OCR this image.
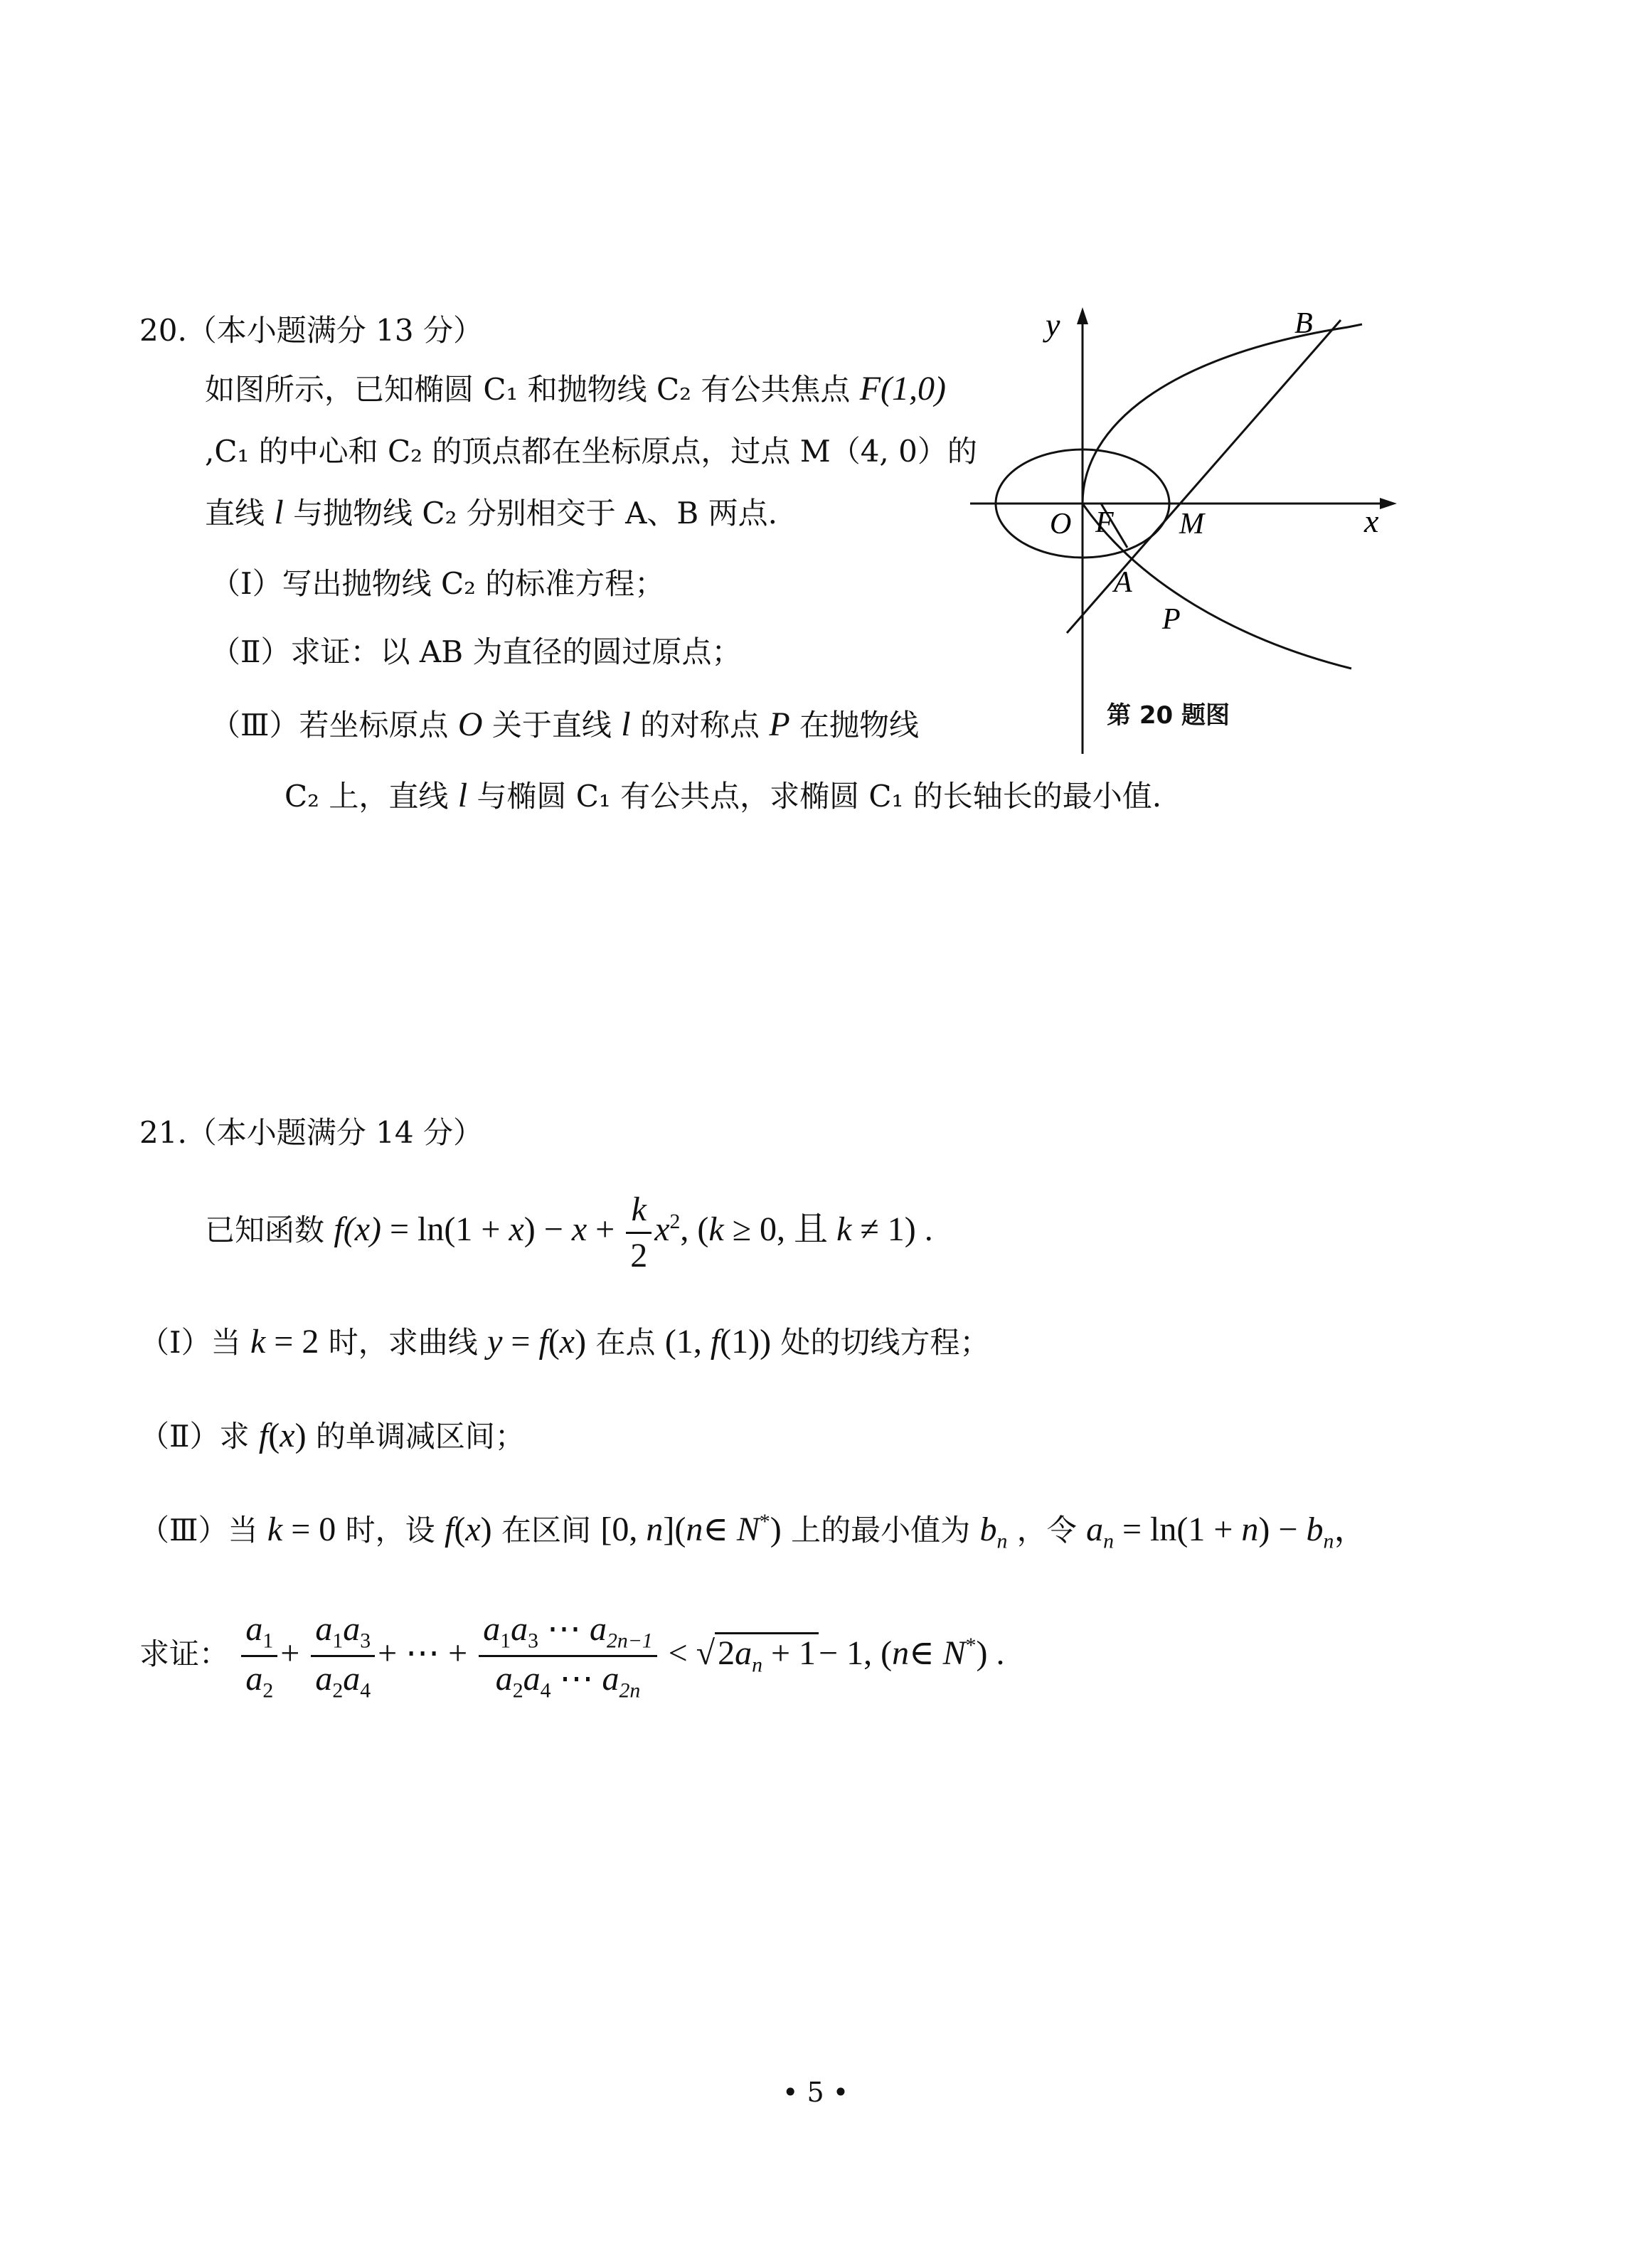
20.（本小题满分 13 分）
如图所示，已知椭圆 C₁ 和抛物线 C₂ 有公共焦点 F(1,0)
,C₁ 的中心和 C₂ 的顶点都在坐标原点，过点 M（4, 0）的
直线 l 与抛物线 C₂ 分别相交于 A、B 两点.
（Ⅰ）写出抛物线 C₂ 的标准方程；
（Ⅱ）求证：以 AB 为直径的圆过原点；
（Ⅲ）若坐标原点 O 关于直线 l 的对称点 P 在抛物线
C₂ 上，直线 l 与椭圆 C₁ 有公共点，求椭圆 C₁ 的长轴长的最小值.
y
x
O F M
A
B
P
第 20 题图
21.（本小题满分 14 分）
已知函数 $f(x) = \ln(1 + x) - x + \frac{k}{2} x^2$, (k ≥ 0, 且 k ≠ 1) .
（Ⅰ）当 k = 2 时，求曲线 y = f(x) 在点 (1, f(1)) 处的切线方程；
（Ⅱ）求 f(x) 的单调减区间；
（Ⅲ）当 k = 0 时，设 f(x) 在区间 [0, n](n∈ N*) 上的最小值为 $b_n$ ，令 $a_n = \ln(1 + n) - b_n$，
求证： $\frac{a_1}{a_2} + \frac{a_1a_3}{a_2a_4}$ + ⋯ + $\frac{a_1a_3 \cdots a_{2n-1}}{a_2a_4 \cdots a_{2n}} < √2a_n + 1- 1$, (n∈ N*) .
• 5 •
